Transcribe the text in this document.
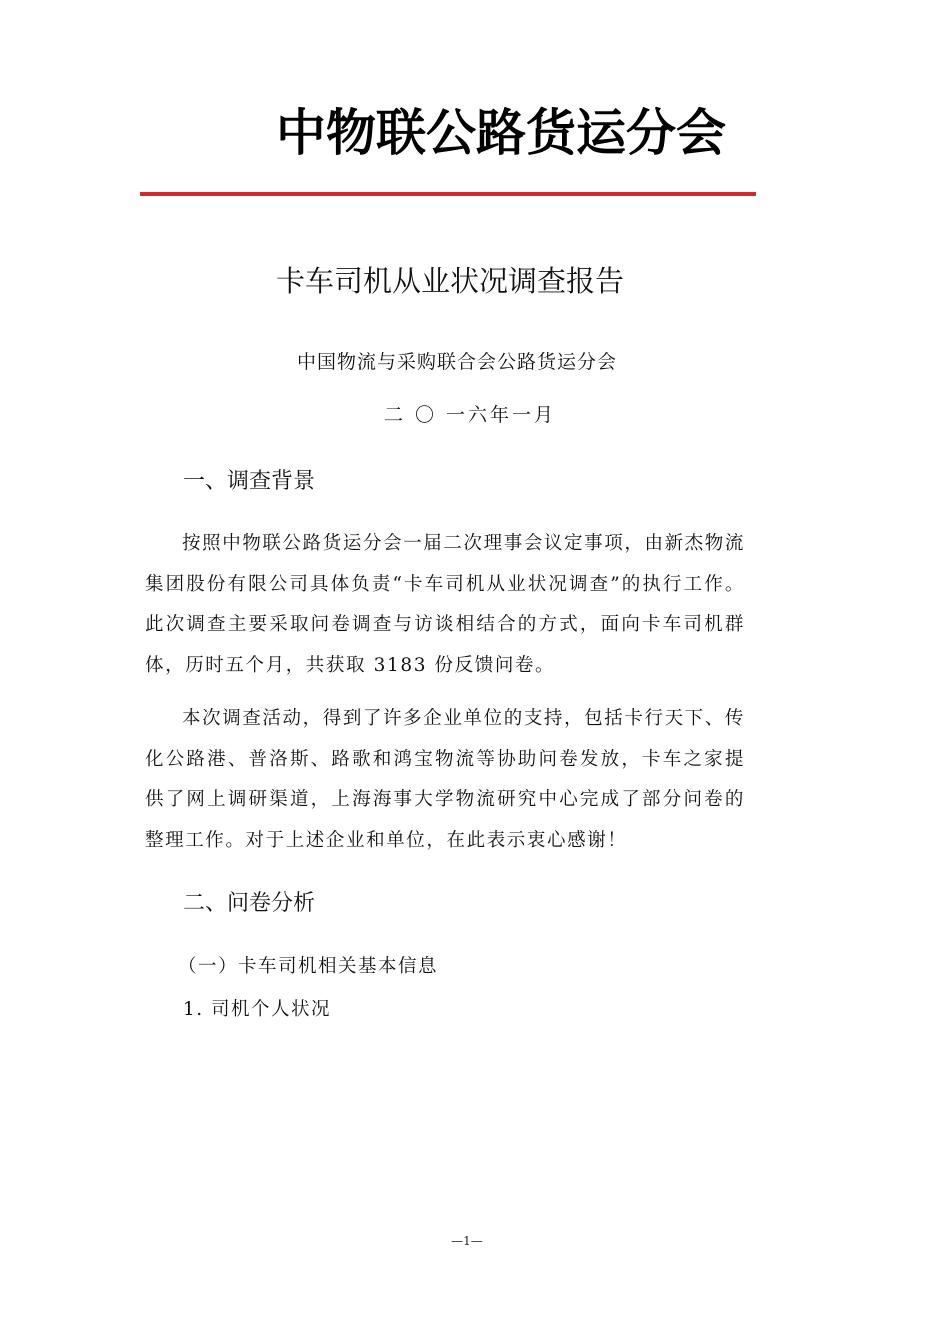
中物联公路货运分会
卡车司机从业状况调查报告
中国物流与采购联合会公路货运分会
二 〇 一六年一月
一、调查背景
按照中物联公路货运分会一届二次理事会议定事项，由新杰物流集团股份有限公司具体负责“卡车司机从业状况调查”的执行工作。此次调查主要采取问卷调查与访谈相结合的方式，面向卡车司机群体，历时五个月，共获取 3183 份反馈问卷。
本次调查活动，得到了许多企业单位的支持，包括卡行天下、传化公路港、普洛斯、路歌和鸿宝物流等协助问卷发放，卡车之家提供了网上调研渠道，上海海事大学物流研究中心完成了部分问卷的整理工作。对于上述企业和单位，在此表示衷心感谢！
二、问卷分析
（一）卡车司机相关基本信息
1. 司机个人状况
—1—
